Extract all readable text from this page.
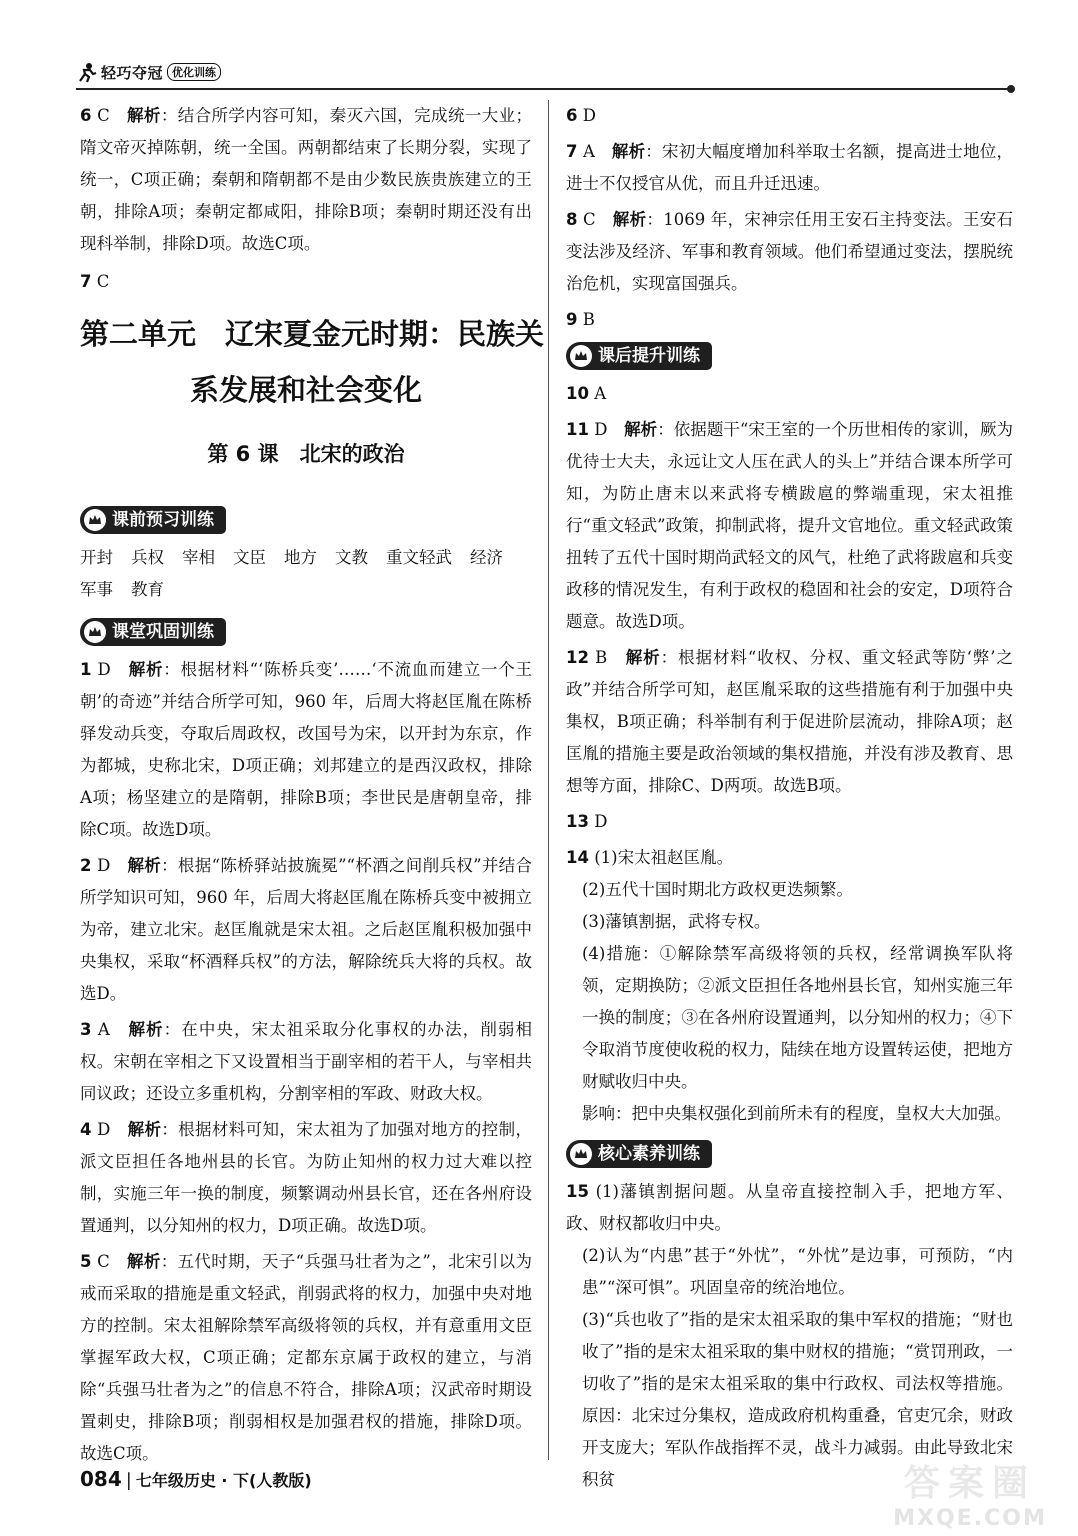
轻巧夺冠 优化训练

6 C　 解析：结合所学内容可知，秦灭六国，完成统一大业；隋文帝灭掉陈朝，统一全国。两朝都结束了长期分裂，实现了统一，C项正确；秦朝和隋朝都不是由少数民族贵族建立的王朝，排除A项；秦朝定都咸阳，排除B项；秦朝时期还没有出现科举制，排除D项。故选C项。

7 C

第二单元　辽宋夏金元时期：民族关
系发展和社会变化
第 6 课　北宋的政治
课前预习训练
开封 兵权 宰相 文臣 地方 文教 重文轻武 经济
军事 教育
课堂巩固训练

1 D　 解析：根据材料“‘陈桥兵变’……‘不流血而建立一个王朝’的奇迹”并结合所学可知，960 年，后周大将赵匡胤在陈桥驿发动兵变，夺取后周政权，改国号为宋，以开封为东京，作为都城，史称北宋，D项正确；刘邦建立的是西汉政权，排除A项；杨坚建立的是隋朝，排除B项；李世民是唐朝皇帝，排除C项。故选D项。

2 D　 解析：根据“陈桥驿站披旒冕”“杯酒之间削兵权”并结合所学知识可知，960 年，后周大将赵匡胤在陈桥兵变中被拥立为帝，建立北宋。赵匡胤就是宋太祖。之后赵匡胤积极加强中央集权，采取“杯酒释兵权”的方法，解除统兵大将的兵权。故选D。

3 A　 解析：在中央，宋太祖采取分化事权的办法，削弱相权。宋朝在宰相之下又设置相当于副宰相的若干人，与宰相共同议政；还设立多重机构，分割宰相的军政、财政大权。

4 D　 解析：根据材料可知，宋太祖为了加强对地方的控制，派文臣担任各地州县的长官。为防止知州的权力过大难以控制，实施三年一换的制度，频繁调动州县长官，还在各州府设置通判，以分知州的权力，D项正确。故选D项。

5 C　 解析：五代时期，天子“兵强马壮者为之”，北宋引以为戒而采取的措施是重文轻武，削弱武将的权力，加强中央对地方的控制。宋太祖解除禁军高级将领的兵权，并有意重用文臣掌握军政大权，C项正确；定都东京属于政权的建立，与消除“兵强马壮者为之”的信息不符合，排除A项；汉武帝时期设置刺史，排除B项；削弱相权是加强君权的措施，排除D项。故选C项。

6 D

7 A　 解析：宋初大幅度增加科举取士名额，提高进士地位，进士不仅授官从优，而且升迁迅速。

8 C　 解析：1069 年，宋神宗任用王安石主持变法。王安石变法涉及经济、军事和教育领域。他们希望通过变法，摆脱统治危机，实现富国强兵。

9 B

课后提升训练

10 A

11 D　 解析：依据题干“宋王室的一个历世相传的家训，厥为优待士大夫，永远让文人压在武人的头上”并结合课本所学可知，为防止唐末以来武将专横跋扈的弊端重现，宋太祖推行“重文轻武”政策，抑制武将，提升文官地位。重文轻武政策扭转了五代十国时期尚武轻文的风气，杜绝了武将跋扈和兵变政移的情况发生，有利于政权的稳固和社会的安定，D项符合题意。故选D项。

12 B　 解析：根据材料“收权、分权、重文轻武等防‘弊’之政”并结合所学可知，赵匡胤采取的这些措施有利于加强中央集权，B项正确；科举制有利于促进阶层流动，排除A项；赵匡胤的措施主要是政治领域的集权措施，并没有涉及教育、思想等方面，排除C、D两项。故选B项。

13 D

14 (1)宋太祖赵匡胤。

(2)五代十国时期北方政权更迭频繁。

(3)藩镇割据，武将专权。

(4)措施：①解除禁军高级将领的兵权，经常调换军队将领，定期换防；②派文臣担任各地州县长官，知州实施三年一换的制度；③在各州府设置通判，以分知州的权力；④下令取消节度使收税的权力，陆续在地方设置转运使，把地方财赋收归中央。

影响：把中央集权强化到前所未有的程度，皇权大大加强。

核心素养训练

15 (1)藩镇割据问题。从皇帝直接控制入手，把地方军、政、财权都收归中央。

(2)认为“内患”甚于“外忧”，“外忧”是边事，可预防，“内患”“深可惧”。巩固皇帝的统治地位。

(3)“兵也收了”指的是宋太祖采取的集中军权的措施；“财也收了”指的是宋太祖采取的集中财权的措施；“赏罚刑政，一切收了”指的是宋太祖采取的集中行政权、司法权等措施。原因：北宋过分集权，造成政府机构重叠，官吏冗余，财政开支庞大；军队作战指挥不灵，战斗力减弱。由此导致北宋积贫

084 | 七年级历史 · 下(人教版)	答案圈
MXQE.COM
